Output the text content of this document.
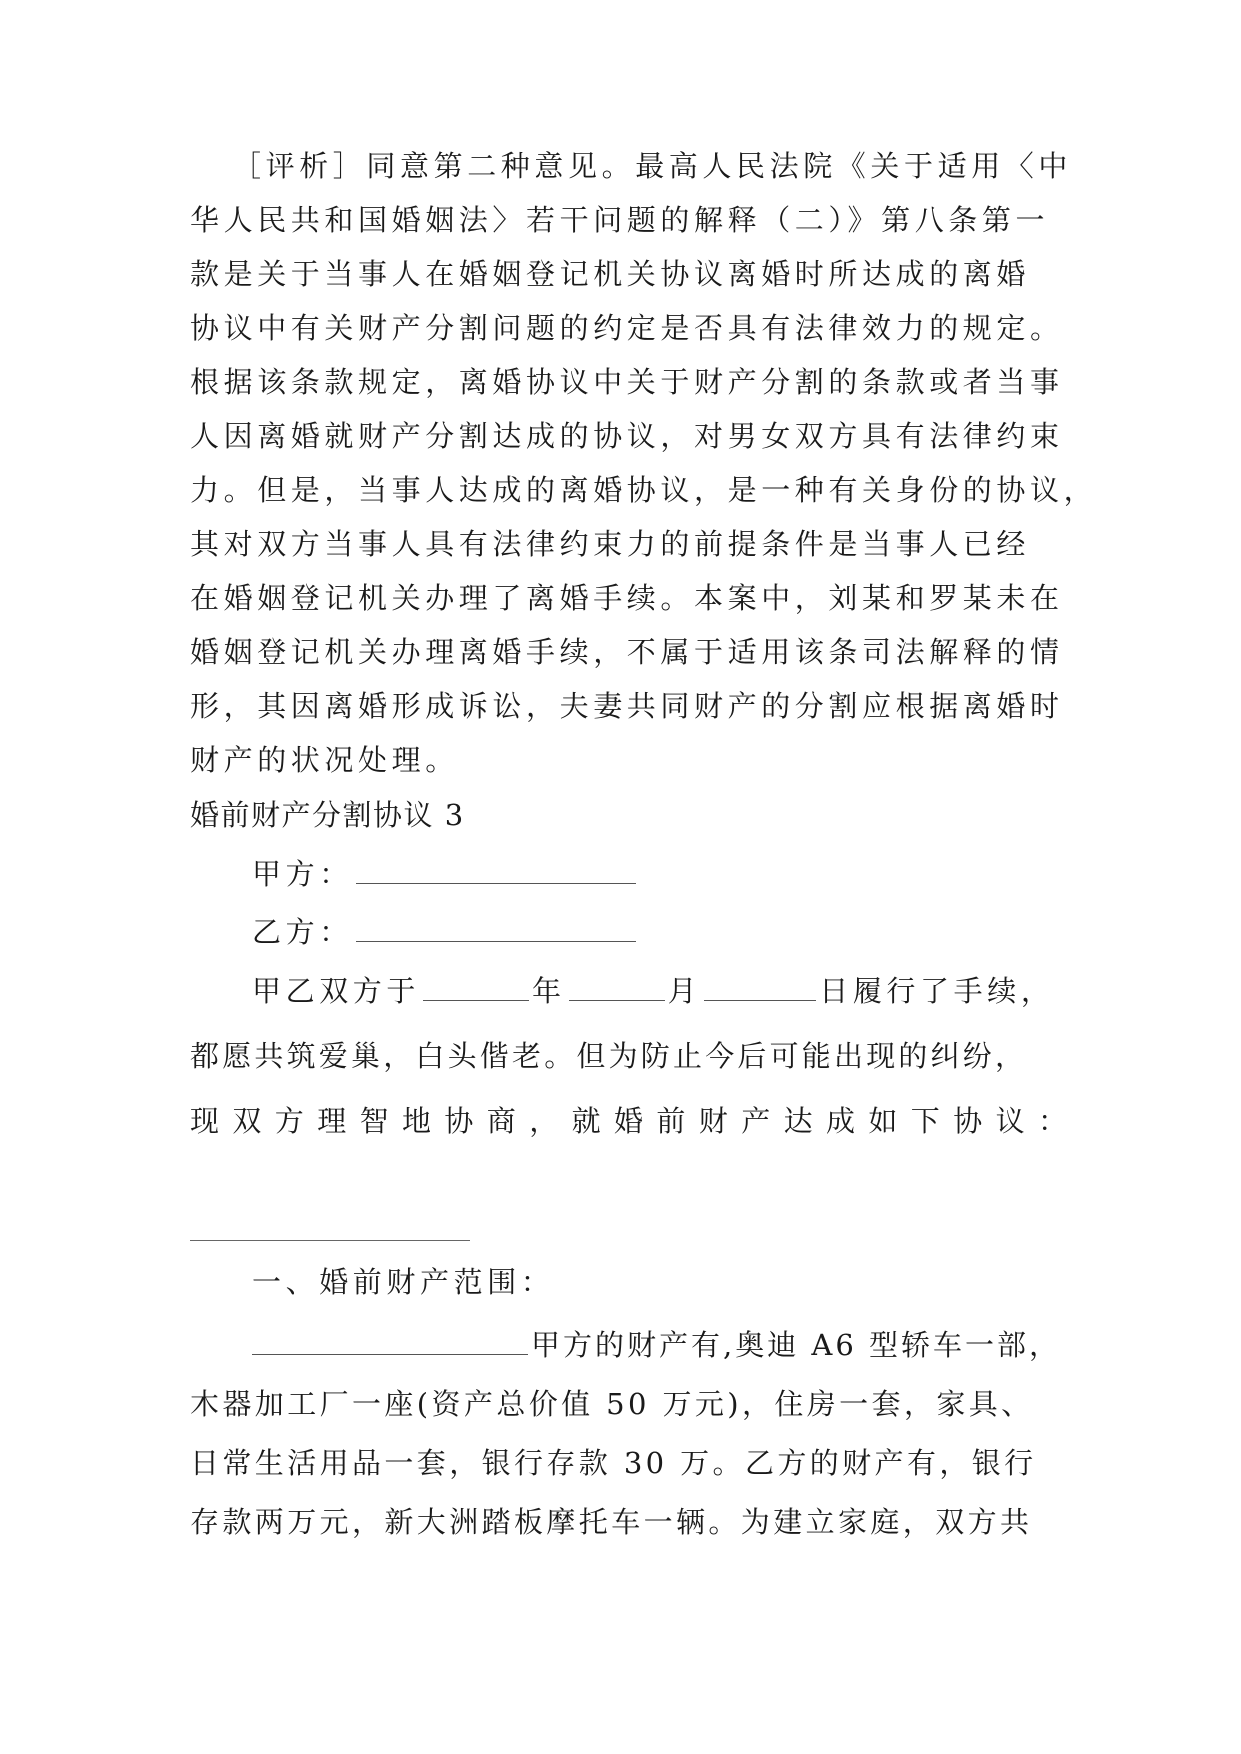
［评析］同意第二种意见。最高人民法院《关于适用〈中
华人民共和国婚姻法〉若干问题的解释（二）》第八条第一
款是关于当事人在婚姻登记机关协议离婚时所达成的离婚
协议中有关财产分割问题的约定是否具有法律效力的规定。
根据该条款规定，离婚协议中关于财产分割的条款或者当事
人因离婚就财产分割达成的协议，对男女双方具有法律约束
力。但是，当事人达成的离婚协议，是一种有关身份的协议，
其对双方当事人具有法律约束力的前提条件是当事人已经
在婚姻登记机关办理了离婚手续。本案中，刘某和罗某未在
婚姻登记机关办理离婚手续，不属于适用该条司法解释的情
形，其因离婚形成诉讼，夫妻共同财产的分割应根据离婚时
财产的状况处理。
婚前财产分割协议 3
甲方：
乙方：
甲乙双方于	年	月	日履行了手续，
都愿共筑爱巢，白头偕老。但为防止今后可能出现的纠纷，
现双方理智地协商，就婚前财产达成如下协议：
一、婚前财产范围：
甲方的财产有,奥迪 A6 型轿车一部，
木器加工厂一座(资产总价值 50 万元)，住房一套，家具、
日常生活用品一套，银行存款 30 万。乙方的财产有，银行
存款两万元，新大洲踏板摩托车一辆。为建立家庭，双方共
